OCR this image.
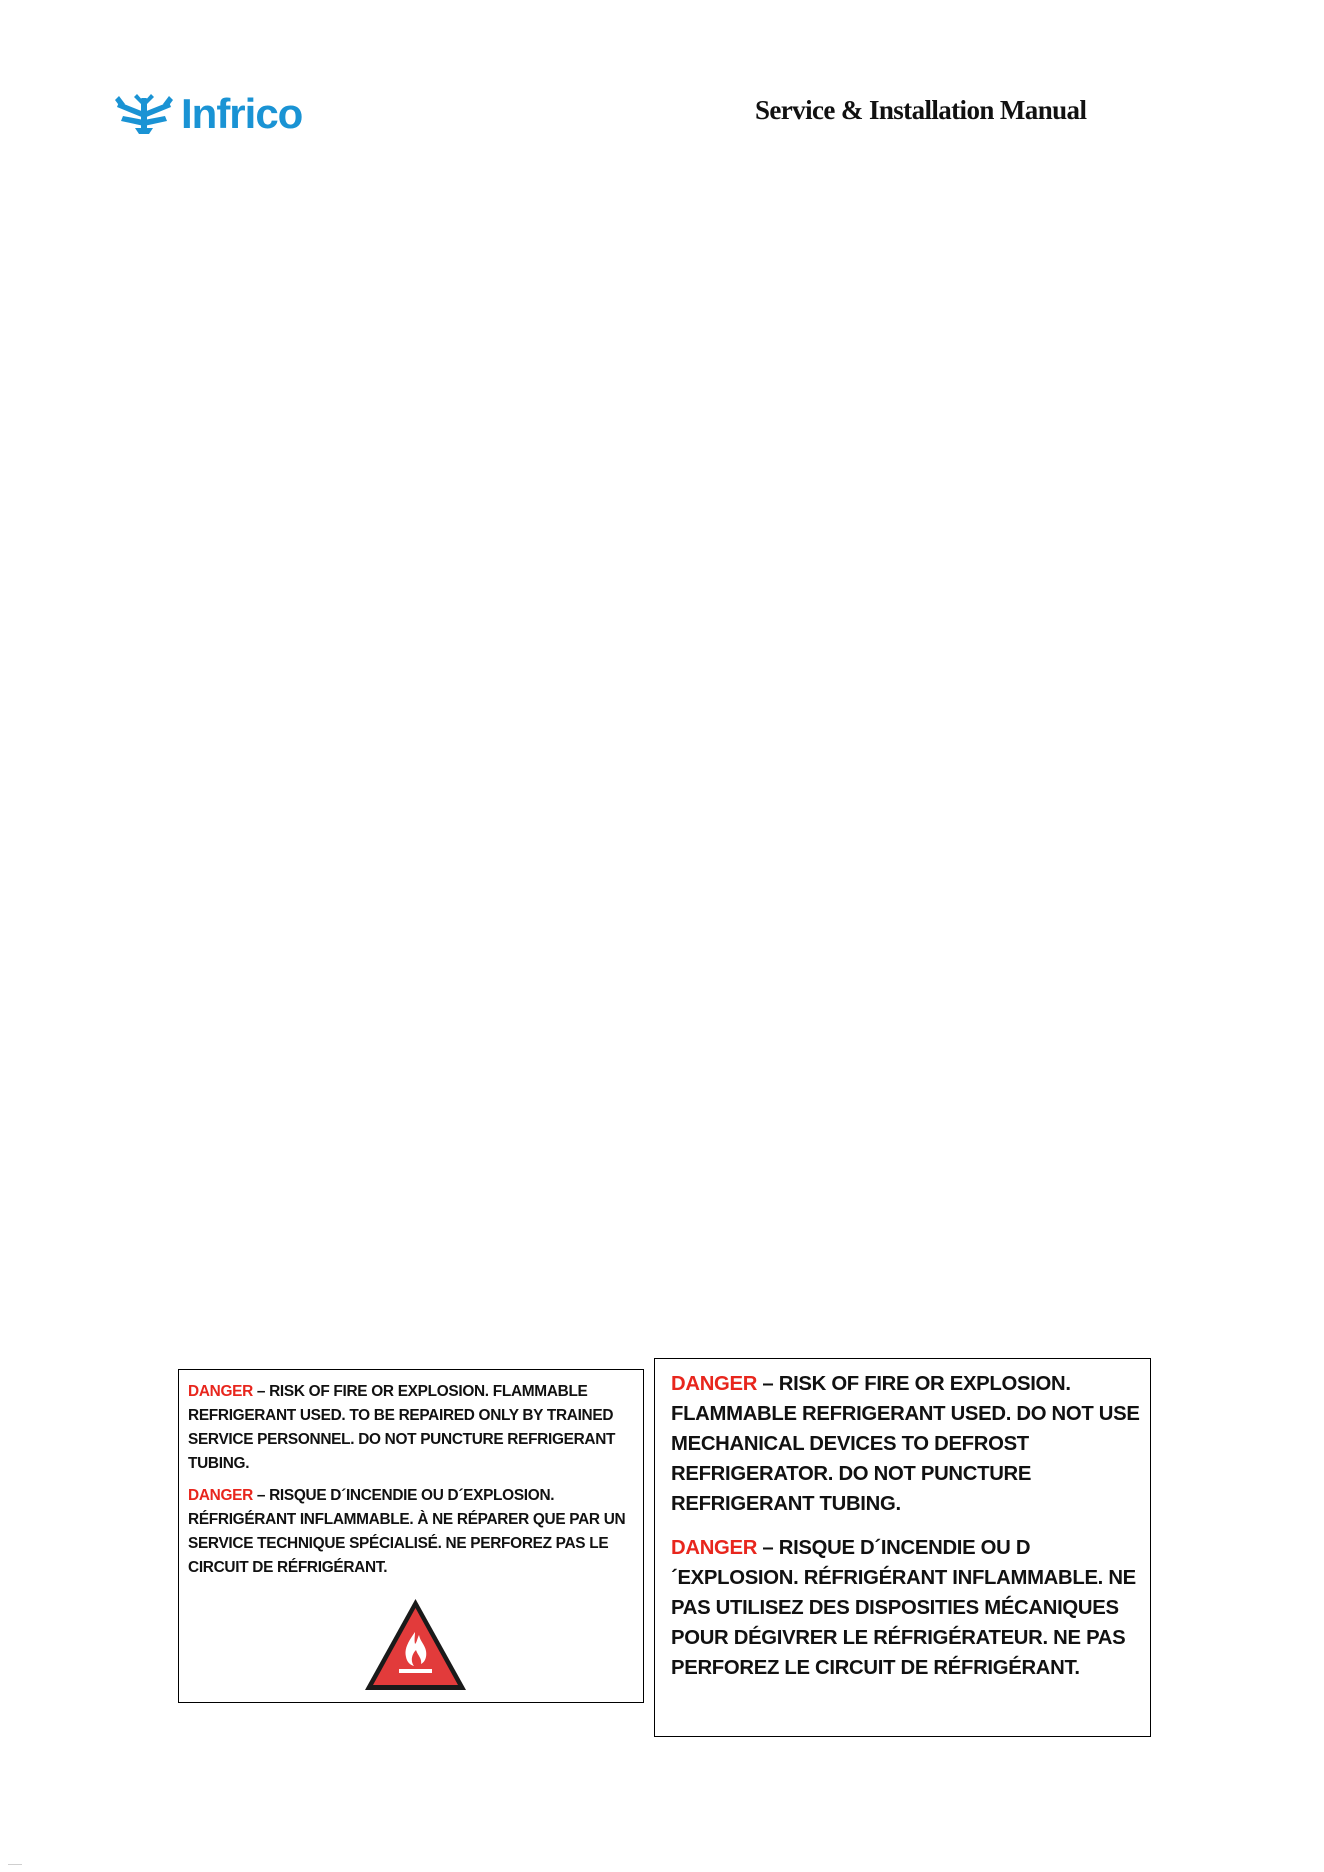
Infrico	Service & Installation Manual

DANGER – RISK OF FIRE OR EXPLOSION. FLAMMABLE REFRIGERANT USED. TO BE REPAIRED ONLY BY TRAINED SERVICE PERSONNEL. DO NOT PUNCTURE REFRIGERANT TUBING.

DANGER – RISQUE D´INCENDIE OU D´EXPLOSION. RÉFRIGÉRANT INFLAMMABLE. À NE RÉPARER QUE PAR UN SERVICE TECHNIQUE SPÉCIALISÉ. NE PERFOREZ PAS LE CIRCUIT DE RÉFRIGÉRANT.

DANGER – RISK OF FIRE OR EXPLOSION. FLAMMABLE REFRIGERANT USED. DO NOT USE MECHANICAL DEVICES TO DEFROST REFRIGERATOR. DO NOT PUNCTURE REFRIGERANT TUBING.

DANGER – RISQUE D´INCENDIE OU D´EXPLOSION. RÉFRIGÉRANT INFLAMMABLE. NE PAS UTILISEZ DES DISPOSITIES MÉCANIQUES POUR DÉGIVRER LE RÉFRIGÉRATEUR. NE PAS PERFOREZ LE CIRCUIT DE RÉFRIGÉRANT.
